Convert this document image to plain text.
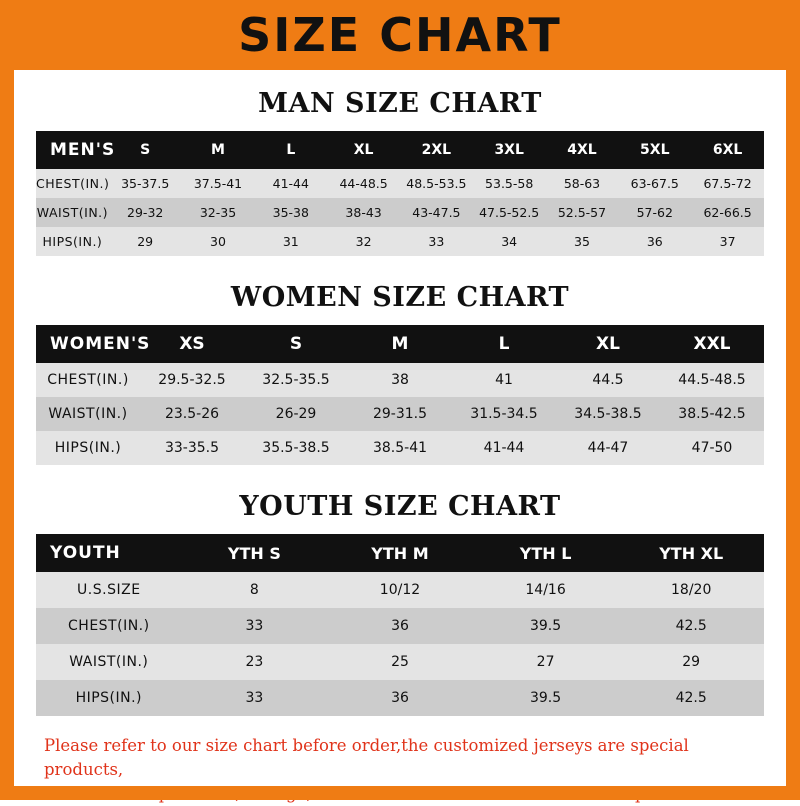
SIZE CHART
MAN SIZE CHART
MEN'S	S	M	L	XL	2XL	3XL	4XL	5XL	6XL
CHEST(IN.)	35-37.5	37.5-41	41-44	44-48.5	48.5-53.5	53.5-58	58-63	63-67.5	67.5-72
WAIST(IN.)	29-32	32-35	35-38	38-43	43-47.5	47.5-52.5	52.5-57	57-62	62-66.5
HIPS(IN.)	29	30	31	32	33	34	35	36	37
WOMEN SIZE CHART
WOMEN'S	XS	S	M	L	XL	XXL
CHEST(IN.)	29.5-32.5	32.5-35.5	38	41	44.5	44.5-48.5
WAIST(IN.)	23.5-26	26-29	29-31.5	31.5-34.5	34.5-38.5	38.5-42.5
HIPS(IN.)	33-35.5	35.5-38.5	38.5-41	41-44	44-47	47-50
YOUTH SIZE CHART
YOUTH	YTH S	YTH M	YTH L	YTH XL
U.S.SIZE	8	10/12	14/16	18/20
CHEST(IN.)	33	36	39.5	42.5
WAIST(IN.)	23	25	27	29
HIPS(IN.)	33	36	39.5	42.5
Please refer to our size chart before order,the customized jerseys are special products,
